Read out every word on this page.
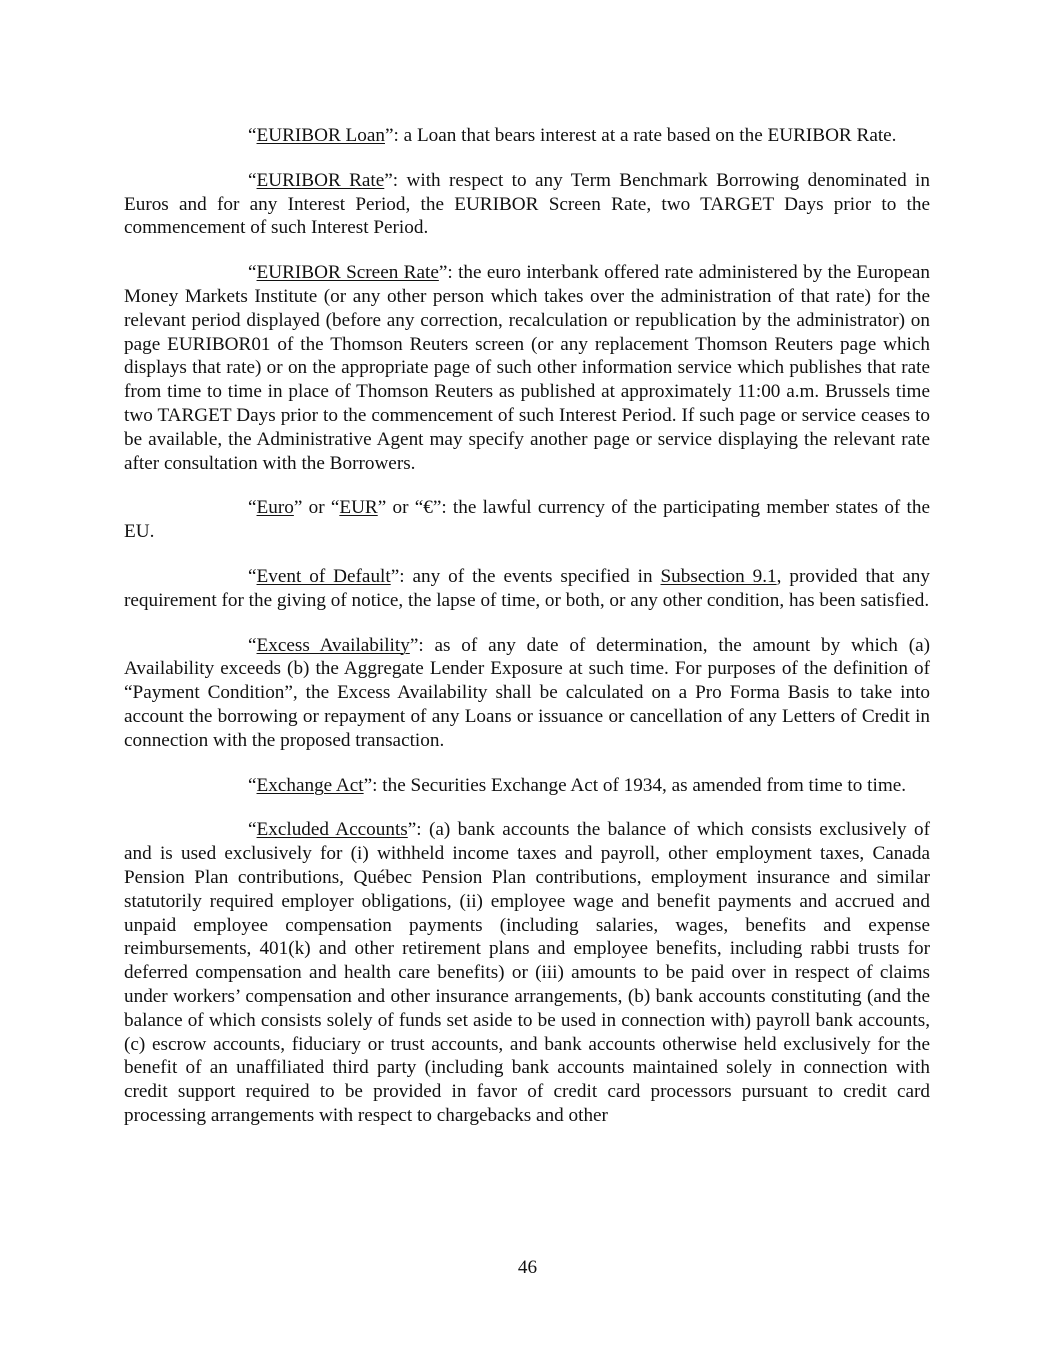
“EURIBOR Loan”: a Loan that bears interest at a rate based on the EURIBOR Rate.

“EURIBOR Rate”: with respect to any Term Benchmark Borrowing denominated in Euros and for any Interest Period, the EURIBOR Screen Rate, two TARGET Days prior to the commencement of such Interest Period.

“EURIBOR Screen Rate”: the euro interbank offered rate administered by the European Money Markets Institute (or any other person which takes over the administration of that rate) for the relevant period displayed (before any correction, recalculation or republication by the administrator) on page EURIBOR01 of the Thomson Reuters screen (or any replacement Thomson Reuters page which displays that rate) or on the appropriate page of such other information service which publishes that rate from time to time in place of Thomson Reuters as published at approximately 11:00 a.m. Brussels time two TARGET Days prior to the commencement of such Interest Period. If such page or service ceases to be available, the Administrative Agent may specify another page or service displaying the relevant rate after consultation with the Borrowers.

“Euro” or “EUR” or “€”: the lawful currency of the participating member states of the EU.

“Event of Default”: any of the events specified in Subsection 9.1, provided that any requirement for the giving of notice, the lapse of time, or both, or any other condition, has been satisfied.

“Excess Availability”: as of any date of determination, the amount by which (a) Availability exceeds (b) the Aggregate Lender Exposure at such time. For purposes of the definition of “Payment Condition”, the Excess Availability shall be calculated on a Pro Forma Basis to take into account the borrowing or repayment of any Loans or issuance or cancellation of any Letters of Credit in connection with the proposed transaction.

“Exchange Act”: the Securities Exchange Act of 1934, as amended from time to time.

“Excluded Accounts”: (a) bank accounts the balance of which consists exclusively of and is used exclusively for (i) withheld income taxes and payroll, other employment taxes, Canada Pension Plan contributions, Québec Pension Plan contributions, employment insurance and similar statutorily required employer obligations, (ii) employee wage and benefit payments and accrued and unpaid employee compensation payments (including salaries, wages, benefits and expense reimbursements, 401(k) and other retirement plans and employee benefits, including rabbi trusts for deferred compensation and health care benefits) or (iii) amounts to be paid over in respect of claims under workers’ compensation and other insurance arrangements, (b) bank accounts constituting (and the balance of which consists solely of funds set aside to be used in connection with) payroll bank accounts, (c) escrow accounts, fiduciary or trust accounts, and bank accounts otherwise held exclusively for the benefit of an unaffiliated third party (including bank accounts maintained solely in connection with credit support required to be provided in favor of credit card processors pursuant to credit card processing arrangements with respect to chargebacks and other

46
